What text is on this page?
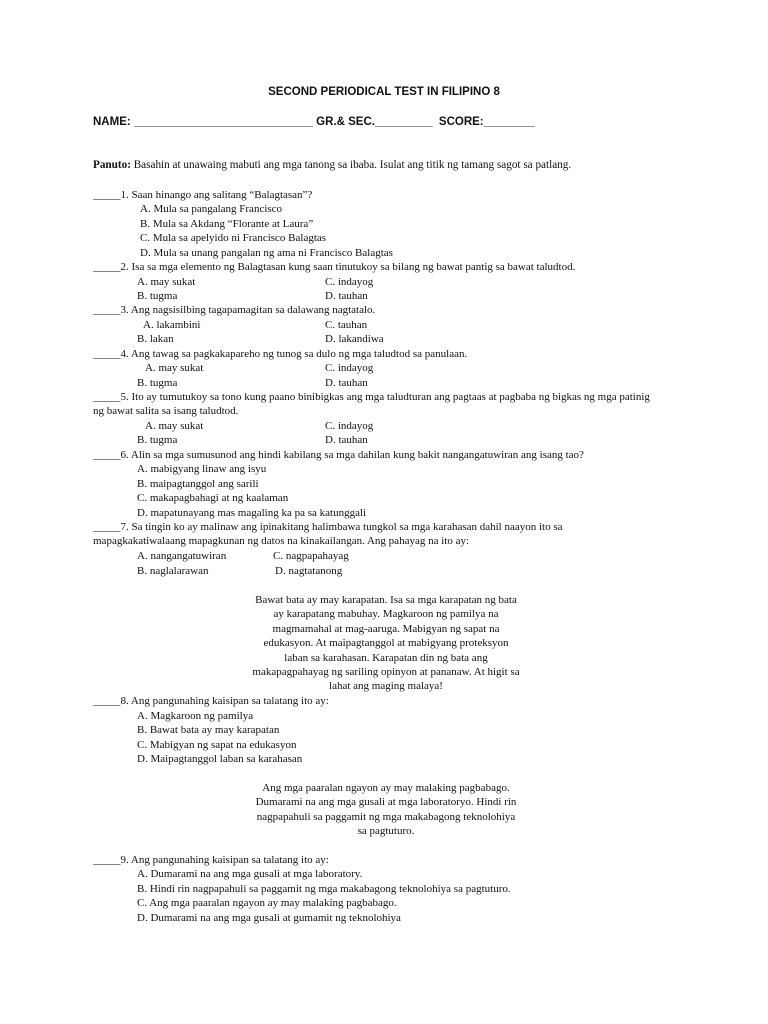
SECOND PERIODICAL TEST IN FILIPINO 8
NAME: ____________________________ GR.& SEC._________  SCORE:________
Panuto: Basahin at unawaing mabuti ang mga tanong sa ibaba. Isulat ang titik ng tamang sagot sa patlang.
_____1. Saan hinango ang salitang “Balagtasan”?
A. Mula sa pangalang Francisco
B. Mula sa Akdang “Florante at Laura”
C. Mula sa apelyido ni Francisco Balagtas
D. Mula sa unang pangalan ng ama ni Francisco Balagtas
_____2. Isa sa mga elemento ng Balagtasan kung saan tinutukoy sa bilang ng bawat pantig sa bawat taludtod.
A. may sukat	C. indayog
B. tugma	D. tauhan
_____3. Ang nagsisilbing tagapamagitan sa dalawang nagtatalo.
A. lakambini	C. tauhan
B. lakan	D. lakandiwa
_____4. Ang tawag sa pagkakapareho ng tunog sa dulo ng mga taludtod sa panulaan.
A. may sukat	C. indayog
B. tugma	D. tauhan
_____5. Ito ay tumutukoy sa tono kung paano binibigkas ang mga taludturan ang pagtaas at pagbaba ng bigkas ng mga patinig ng bawat salita sa isang taludtod.
A. may sukat	C. indayog
B. tugma	D. tauhan
_____6. Alin sa mga sumusunod ang hindi kabilang sa mga dahilan kung bakit nangangatuwiran ang isang tao?
A. mabigyang linaw ang isyu
B. maipagtanggol ang sarili
C. makapagbahagi at ng kaalaman
D. mapatunayang mas magaling ka pa sa katunggali
_____7. Sa tingin ko ay malinaw ang ipinakitang halimbawa tungkol sa mga karahasan dahil naayon ito sa mapagkakatiwalaang mapagkunan ng datos na kinakailangan. Ang pahayag na ito ay:
A. nangangatuwiran	C. nagpapahayag
B. naglalarawan	D. nagtatanong
Bawat bata ay may karapatan. Isa sa mga karapatan ng bata
ay karapatang mabuhay. Magkaroon ng pamilya na
magmamahal at mag-aaruga. Mabigyan ng sapat na
edukasyon. At maipagtanggol at mabigyang proteksyon
laban sa karahasan. Karapatan din ng bata ang
makapagpahayag ng sariling opinyon at pananaw. At higit sa
lahat ang maging malaya!
_____8. Ang pangunahing kaisipan sa talatang ito ay:
A. Magkaroon ng pamilya
B. Bawat bata ay may karapatan
C. Mabigyan ng sapat na edukasyon
D. Maipagtanggol laban sa karahasan
Ang mga paaralan ngayon ay may malaking pagbabago.
Dumarami na ang mga gusali at mga laboratoryo. Hindi rin
nagpapahuli sa paggamit ng mga makabagong teknolohiya
sa pagtuturo.
_____9. Ang pangunahing kaisipan sa talatang ito ay:
A. Dumarami na ang mga gusali at mga laboratory.
B. Hindi rin nagpapahuli sa paggamit ng mga makabagong teknolohiya sa pagtuturo.
C. Ang mga paaralan ngayon ay may malaking pagbabago.
D. Dumarami na ang mga gusali at gumamit ng teknolohiya
